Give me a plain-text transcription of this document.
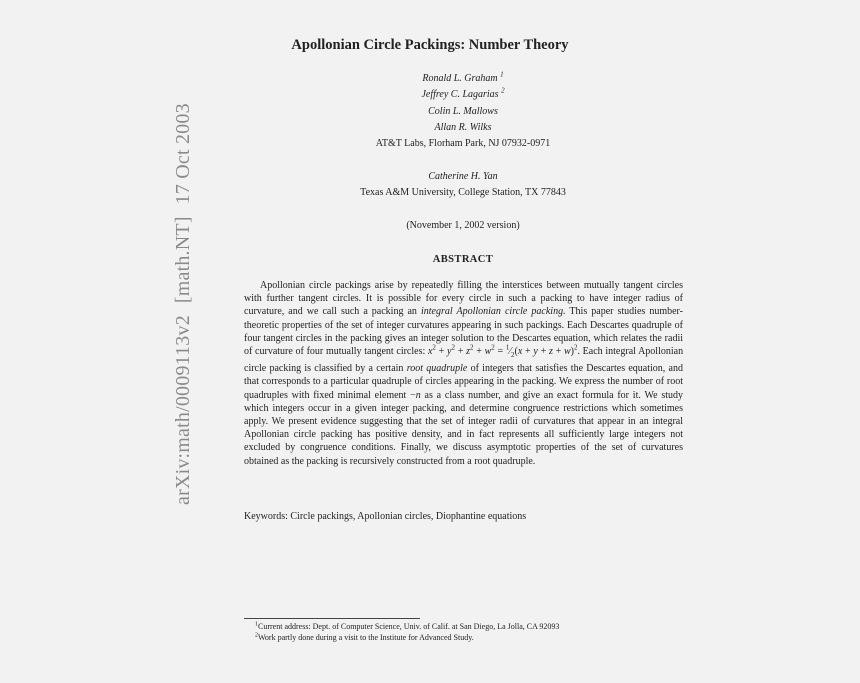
arXiv:math/0009113v2[math.NT]17 Oct 2003
Apollonian Circle Packings: Number Theory
Ronald L. Graham $^1$
Jeffrey C. Lagarias $^2$
Colin L. Mallows
Allan R. Wilks
AT&T Labs, Florham Park, NJ 07932-0971
Catherine H. Yan
Texas A&M University, College Station, TX 77843
(November 1, 2002 version)
ABSTRACT

Apollonian circle packings arise by repeatedly filling the interstices between mutually tangent circles with further tangent circles. It is possible for every circle in such a packing to have integer radius of curvature, and we call such a packing an integral Apollonian circle packing. This paper studies number-theoretic properties of the set of integer curvatures appearing in such packings. Each Descartes quadruple of four tangent circles in the packing gives an integer solution to the Descartes equation, which relates the radii of curvature of four mutually tangent circles: $x^2 + y^2 + z^2 + w^2$ = $^1⁄_2(x + y + z + w)^2$. Each integral Apollonian circle packing is classified by a certain root quadruple of integers that satisfies the Descartes equation, and that corresponds to a particular quadruple of circles appearing in the packing. We express the number of root quadruples with fixed minimal element −n as a class number, and give an exact formula for it. We study which integers occur in a given integer packing, and determine congruence restrictions which sometimes apply. We present evidence suggesting that the set of integer radii of curvatures that appear in an integral Apollonian circle packing has positive density, and in fact represents all sufficiently large integers not excluded by congruence conditions. Finally, we discuss asymptotic properties of the set of curvatures obtained as the packing is recursively constructed from a root quadruple.

Keywords: Circle packings, Apollonian circles, Diophantine equations
$^1$Current address: Dept. of Computer Science, Univ. of Calif. at San Diego, La Jolla, CA 92093
$^2$Work partly done during a visit to the Institute for Advanced Study.
